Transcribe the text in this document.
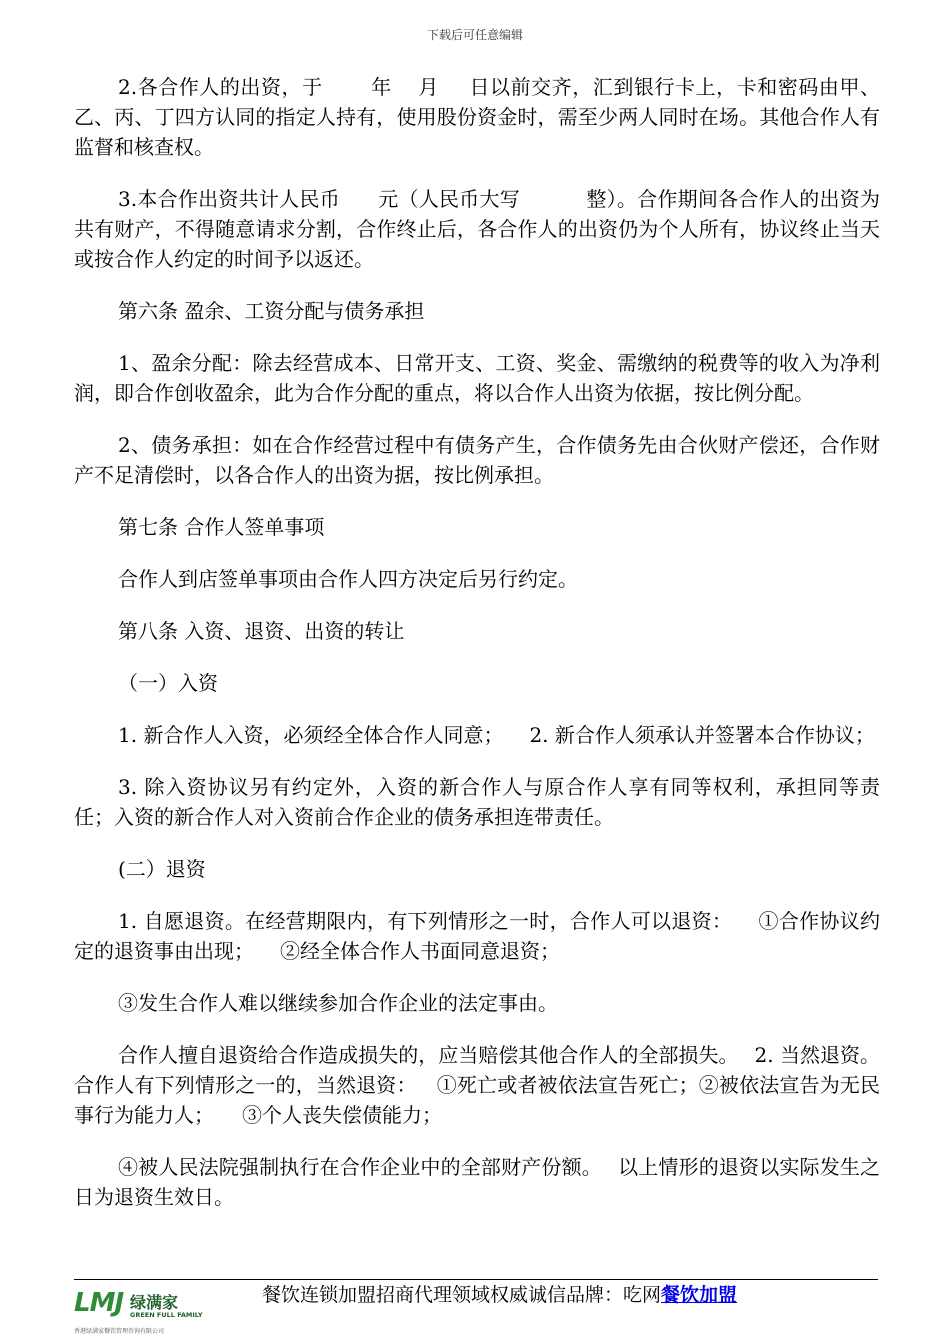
下载后可任意编辑

2.各合作人的出资，于 年 月 日以前交齐，汇到银行卡上，卡和密码由甲、乙、丙、丁四方认同的指定人持有，使用股份资金时，需至少两人同时在场。其他合作人有监督和核查权。

3.本合作出资共计人民币 元（人民币大写	整）。合作期间各合作人的出资为共有财产，不得随意请求分割，合作终止后，各合作人的出资仍为个人所有，协议终止当天或按合作人约定的时间予以返还。

第六条 盈余、工资分配与债务承担

1、盈余分配：除去经营成本、日常开支、工资、奖金、需缴纳的税费等的收入为净利润，即合作创收盈余，此为合作分配的重点，将以合作人出资为依据，按比例分配。

2、债务承担：如在合作经营过程中有债务产生，合作债务先由合伙财产偿还，合作财产不足清偿时，以各合作人的出资为据，按比例承担。

第七条 合作人签单事项

合作人到店签单事项由合作人四方决定后另行约定。

第八条 入资、退资、出资的转让

（一）入资

1. 新合作人入资，必须经全体合作人同意； 2. 新合作人须承认并签署本合作协议；

3. 除入资协议另有约定外，入资的新合作人与原合作人享有同等权利，承担同等责任；入资的新合作人对入资前合作企业的债务承担连带责任。

(二）退资

1. 自愿退资。在经营期限内，有下列情形之一时，合作人可以退资： ①合作协议约定的退资事由出现； ②经全体合作人书面同意退资；

③发生合作人难以继续参加合作企业的法定事由。

合作人擅自退资给合作造成损失的，应当赔偿其他合作人的全部损失。 2. 当然退资。合作人有下列情形之一的，当然退资： ①死亡或者被依法宣告死亡；②被依法宣告为无民事行为能力人； ③个人丧失偿债能力；

④被人民法院强制执行在合作企业中的全部财产份额。 以上情形的退资以实际发生之日为退资生效日。

LMJ 绿满家
GREEN FULL FAMILY
香港绿满家餐饮管理咨询有限公司
餐饮连锁加盟招商代理领域权威诚信品牌：吃网餐饮加盟
